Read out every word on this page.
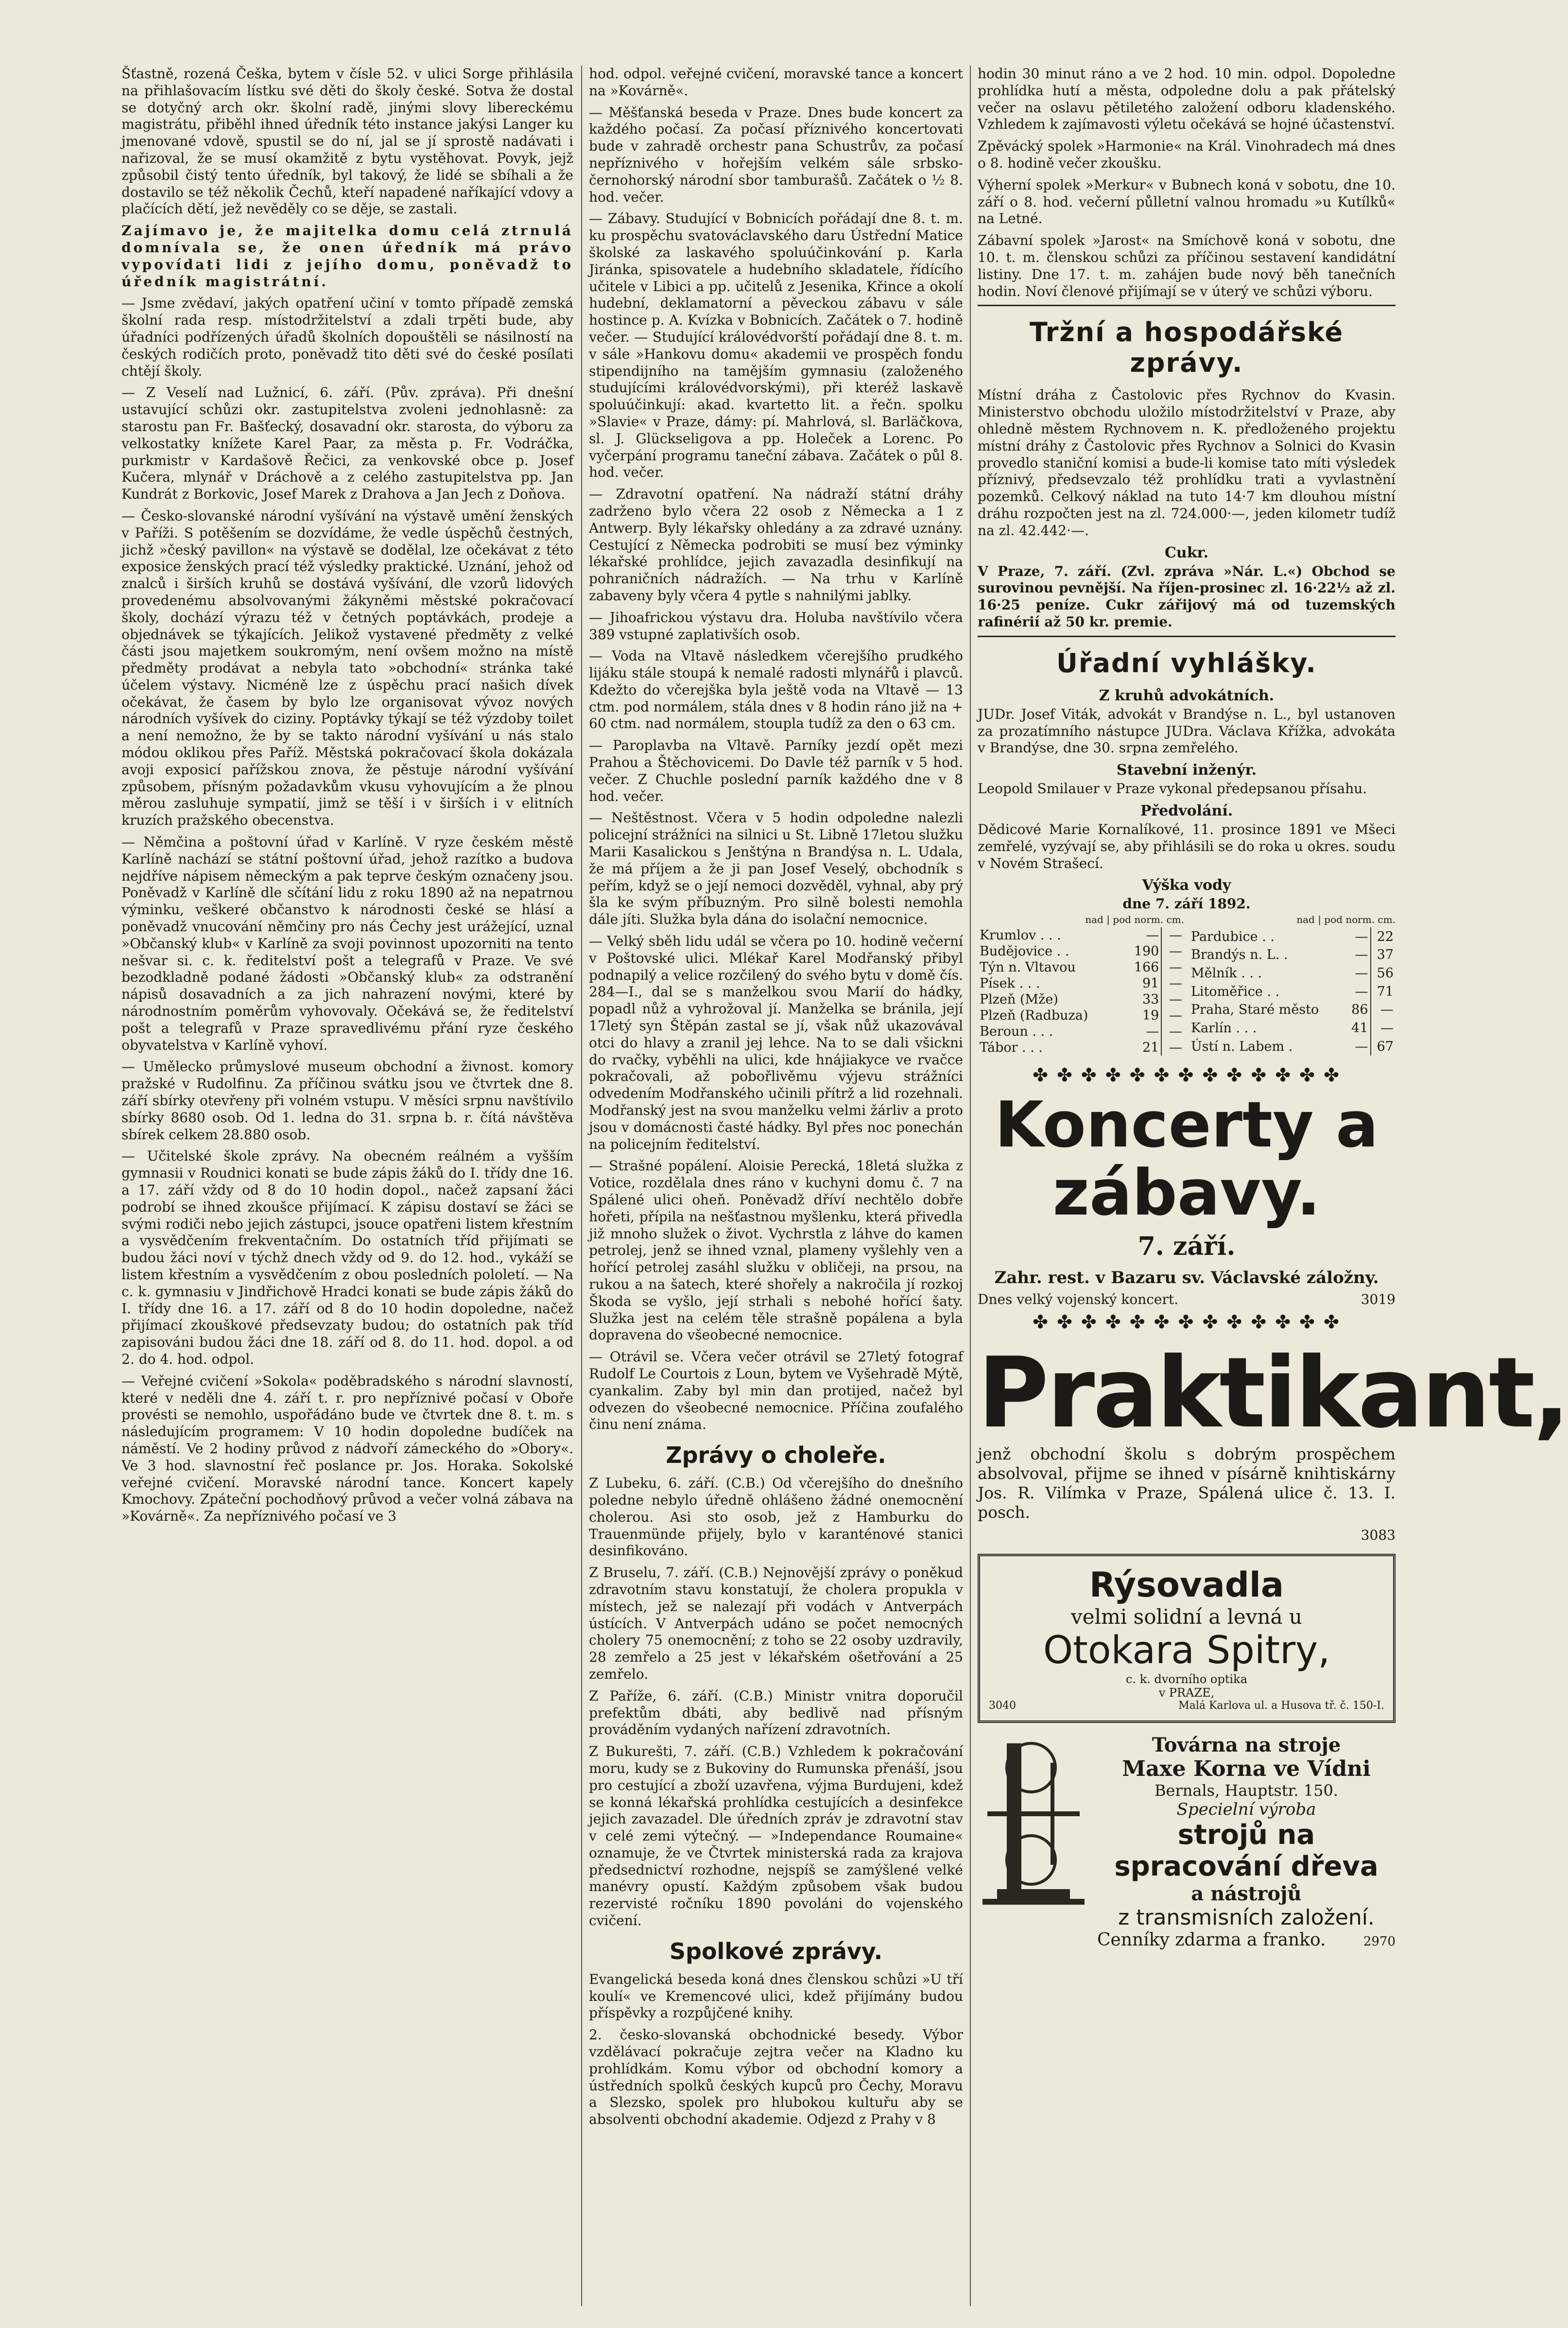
Šťastně, rozená Češka, bytem v čísle 52. v ulici Sorge přihlásila na přihlašovacím lístku své děti do školy české. Sotva že dostal se dotyčný arch okr. školní radě, jinými slovy libereckému magistrátu, přiběhl ihned úředník této instance jakýsi Langer ku jmenované vdově, spustil se do ní, jal se jí sprostě nadávati i nařizoval, že se musí okamžitě z bytu vystěhovat. Povyk, jejž způsobil čistý tento úředník, byl takový, že lidé se sbíhali a že dostavilo se též několik Čechů, kteří napadené naříkající vdovy a plačících dětí, jež nevěděly co se děje, se zastali.

Zajímavo je, že majitelka domu celá ztrnulá domnívala se, že onen úředník má právo vypovídati lidi z jejího domu, poněvadž to úředník magistrátní.

— Jsme zvědaví, jakých opatření učiní v tomto případě zemská školní rada resp. místodržitelství a zdali trpěti bude, aby úřadníci podřízených úřadů školních dopouštěli se násilností na českých rodičích proto, poněvadž tito děti své do české posílati chtějí školy.

— Z Veselí nad Lužnicí, 6. září. (Pův. zpráva). Při dnešní ustavující schůzi okr. zastupitelstva zvoleni jednohlasně: za starostu pan Fr. Bašťecký, dosavadní okr. starosta, do výboru za velkostatky knížete Karel Paar, za města p. Fr. Vodráčka, purkmistr v Kardašově Řečici, za venkovské obce p. Josef Kučera, mlynář v Dráchově a z celého zastupitelstva pp. Jan Kundrát z Borkovic, Josef Marek z Drahova a Jan Jech z Doňova.

— Česko-slovanské národní vyšívání na výstavě umění ženských v Paříži. S potěšením se dozvídáme, že vedle úspěchů čestných, jichž »český pavillon« na výstavě se dodělal, lze očekávat z této exposice ženských prací též výsledky praktické. Uznání, jehož od znalců i širších kruhů se dostává vyšívání, dle vzorů lidových provedenému absolvovanými žákyněmi městské pokračovací školy, dochází výrazu též v četných poptávkách, prodeje a objednávek se týkajících. Jelikož vystavené předměty z velké části jsou majetkem soukromým, není ovšem možno na místě předměty prodávat a nebyla tato »obchodní« stránka také účelem výstavy. Nicméně lze z úspěchu prací našich dívek očekávat, že časem by bylo lze organisovat vývoz nových národních vyšívek do ciziny. Poptávky týkají se též výzdoby toilet a není nemožno, že by se takto národní vyšívání u nás stalo módou oklikou přes Paříž. Městská pokračovací škola dokázala avoji exposicí pařížskou znova, že pěstuje národní vyšívání způsobem, přísným požadavkům vkusu vyhovujícím a že plnou měrou zasluhuje sympatií, jimž se těší i v širších i v elitních kruzích pražského obecenstva.

— Němčina a poštovní úřad v Karlíně. V ryze českém městě Karlíně nachází se státní poštovní úřad, jehož razítko a budova nejdříve nápisem německým a pak teprve českým označeny jsou. Poněvadž v Karlíně dle sčítání lidu z roku 1890 až na nepatrnou výminku, veškeré občanstvo k národnosti české se hlásí a poněvadž vnucování němčiny pro nás Čechy jest urážející, uznal »Občanský klub« v Karlíně za svoji povinnost upozorniti na tento nešvar si. c. k. ředitelství pošt a telegrafů v Praze. Ve své bezodkladně podané žádosti »Občanský klub« za odstranění nápisů dosavadních a za jich nahrazení novými, které by národnostním poměrům vyhovovaly. Očekává se, že ředitelství pošt a telegrafů v Praze spravedlivému přání ryze českého obyvatelstva v Karlíně vyhoví.

— Umělecko průmyslové museum obchodní a živnost. komory pražské v Rudolfinu. Za příčinou svátku jsou ve čtvrtek dne 8. září sbírky otevřeny při volném vstupu. V měsíci srpnu navštívilo sbírky 8680 osob. Od 1. ledna do 31. srpna b. r. čítá návštěva sbírek celkem 28.880 osob.

— Učitelské škole zprávy. Na obecném reálném a vyšším gymnasii v Roudnici konati se bude zápis žáků do I. třídy dne 16. a 17. září vždy od 8 do 10 hodin dopol., načež zapsaní žáci podrobí se ihned zkoušce přijímací. K zápisu dostaví se žáci se svými rodiči nebo jejich zástupci, jsouce opatřeni listem křestním a vysvědčením frekventačním. Do ostatních tříd přijímati se budou žáci noví v týchž dnech vždy od 9. do 12. hod., vykáží se listem křestním a vysvědčením z obou posledních pololetí. — Na c. k. gymnasiu v Jindřichově Hradci konati se bude zápis žáků do I. třídy dne 16. a 17. září od 8 do 10 hodin dopoledne, načež přijímací zkouškové předsevzaty budou; do ostatních pak tříd zapisováni budou žáci dne 18. září od 8. do 11. hod. dopol. a od 2. do 4. hod. odpol.

— Veřejné cvičení »Sokola« poděbradského s národní slavností, které v neděli dne 4. září t. r. pro nepříznivé počasí v Oboře provésti se nemohlo, uspořádáno bude ve čtvrtek dne 8. t. m. s následujícím programem: V 10 hodin dopoledne budíček na náměstí. Ve 2 hodiny průvod z nádvoří zámeckého do »Obory«. Ve 3 hod. slavnostní řeč poslance pr. Jos. Horaka. Sokolské veřejné cvičení. Moravské národní tance. Koncert kapely Kmochovy. Zpáteční pochodňový průvod a večer volná zábava na »Kovárně«. Za nepříznivého počasí ve 3

hod. odpol. veřejné cvičení, moravské tance a koncert na »Kovárně«.

— Měšťanská beseda v Praze. Dnes bude koncert za každého počasí. Za počasí příznivého koncertovati bude v zahradě orchestr pana Schustrův, za počasí nepříznivého v hořejším velkém sále srbsko-černohorský národní sbor tamburašů. Začátek o ½ 8. hod. večer.

— Zábavy. Studující v Bobnicích pořádají dne 8. t. m. ku prospěchu svatováclavského daru Ústřední Matice školské za laskavého spoluúčinkování p. Karla Jiránka, spisovatele a hudebního skladatele, řídícího učitele v Libici a pp. učitelů z Jesenika, Křince a okolí hudební, deklamatorní a pěveckou zábavu v sále hostince p. A. Kvízka v Bobnicích. Začátek o 7. hodině večer. — Studující královédvorští pořádají dne 8. t. m. v sále »Hankovu domu« akademii ve prospěch fondu stipendijního na tamějším gymnasiu (založeného studujícími královédvorskými), při kteréž laskavě spoluúčinkují: akad. kvartetto lit. a řečn. spolku »Slavie« v Praze, dámy: pí. Mahrlová, sl. Barläčkova, sl. J. Glückseligova a pp. Holeček a Lorenc. Po vyčerpání programu taneční zábava. Začátek o půl 8. hod. večer.

— Zdravotní opatření. Na nádraží státní dráhy zadrženo bylo včera 22 osob z Německa a 1 z Antwerp. Byly lékařsky ohledány a za zdravé uznány. Cestující z Německa podrobiti se musí bez výminky lékařské prohlídce, jejich zavazadla desinfikují na pohraničních nádražích. — Na trhu v Karlíně zabaveny byly včera 4 pytle s nahnilými jablky.

— Jihoafrickou výstavu dra. Holuba navštívilo včera 389 vstupné zaplativších osob.

— Voda na Vltavě následkem včerejšího prudkého lijáku stále stoupá k nemalé radosti mlynářů i plavců. Kdežto do včerejška byla ještě voda na Vltavě — 13 ctm. pod normálem, stála dnes v 8 hodin ráno již na + 60 ctm. nad normálem, stoupla tudíž za den o 63 cm.

— Paroplavba na Vltavě. Parníky jezdí opět mezi Prahou a Štěchovicemi. Do Davle též parník v 5 hod. večer. Z Chuchle poslední parník každého dne v 8 hod. večer.

— Neštěstnost. Včera v 5 hodin odpoledne nalezli policejní strážníci na silnici u St. Libně 17letou služku Marii Kasalickou s Jenštýna n Brandýsa n. L. Udala, že má příjem a že ji pan Josef Veselý, obchodník s peřím, když se o její nemoci dozvěděl, vyhnal, aby prý šla ke svým příbuzným. Pro silně bolesti nemohla dále jíti. Služka byla dána do isolační nemocnice.

— Velký sběh lidu udál se včera po 10. hodině večerní v Poštovské ulici. Mlékař Karel Modřanský přibyl podnapilý a velice rozčilený do svého bytu v domě čís. 284—I., dal se s manželkou svou Marií do hádky, popadl nůž a vyhrožoval jí. Manželka se bránila, její 17letý syn Štěpán zastal se jí, však nůž ukazovával otci do hlavy a zranil jej lehce. Na to se dali všickni do rvačky, vyběhli na ulici, kde hnájiakyce ve rvačce pokračovali, až pobořlivěmu výjevu strážníci odvedením Modřanského učinili přítrž a lid rozehnali. Modřanský jest na svou manželku velmi žárliv a proto jsou v domácnosti časté hádky. Byl přes noc ponechán na policejním ředitelství.

— Strašné popálení. Aloisie Perecká, 18letá služka z Votice, rozdělala dnes ráno v kuchyni domu č. 7 na Spálené ulici oheň. Poněvadž dříví nechtělo dobře hořeti, přípila na nešťastnou myšlenku, která přivedla již mnoho služek o život. Vychrstla z láhve do kamen petrolej, jenž se ihned vznal, plameny vyšlehly ven a hořící petrolej zasáhl služku v obličeji, na prsou, na rukou a na šatech, které shořely a nakročila jí rozkoj Škoda se vyšlo, její strhali s nebohé hořící šaty. Služka jest na celém těle strašně popálena a byla dopravena do všeobecné nemocnice.

— Otrávil se. Včera večer otrávil se 27letý fotograf Rudolf Le Courtois z Loun, bytem ve Vyšehradě Mýtě, cyankalim. Zaby byl min dan protijed, načež byl odvezen do všeobecné nemocnice. Příčina zoufalého činu není známa.

Zprávy o choleře.

Z Lubeku, 6. září. (C.B.) Od včerejšího do dnešního poledne nebylo úředně ohlášeno žádné onemocnění cholerou. Asi sto osob, jež z Hamburku do Trauenmünde přijely, bylo v karanténové stanici desinfikováno.

Z Bruselu, 7. září. (C.B.) Nejnovější zprávy o poněkud zdravotním stavu konstatují, že cholera propukla v místech, jež se nalezají při vodách v Antverpách ústících. V Antverpách udáno se počet nemocných cholery 75 onemocnění; z toho se 22 osoby uzdravily, 28 zemřelo a 25 jest v lékařském ošetřování a 25 zemřelo.

Z Paříže, 6. září. (C.B.) Ministr vnitra doporučil prefektům dbáti, aby bedlivě nad přísným prováděním vydaných nařízení zdravotních.

Z Bukurešti, 7. září. (C.B.) Vzhledem k pokračování moru, kudy se z Bukoviny do Rumunska přenáší, jsou pro cestující a zboží uzavřena, výjma Burdujeni, kdež se konná lékařská prohlídka cestujících a desinfekce jejich zavazadel. Dle úředních zpráv je zdravotní stav v celé zemi výtečný. — »Independance Roumaine« oznamuje, že ve Čtvrtek ministerská rada za krajova předsednictví rozhodne, nejspíš se zamýšlené velké manévry opustí. Každým způsobem však budou rezervisté ročníku 1890 povoláni do vojenského cvičení.

Spolkové zprávy.

Evangelická beseda koná dnes členskou schůzi »U tří koulí« ve Kremencové ulici, kdež přijímány budou příspěvky a rozpůjčené knihy.

2. česko-slovanská obchodnické besedy. Výbor vzdělávací pokračuje zejtra večer na Kladno ku prohlídkám. Komu výbor od obchodní komory a ústředních spolků českých kupců pro Čechy, Moravu a Slezsko, spolek pro hlubokou kultuřu aby se absolventi obchodní akademie. Odjezd z Prahy v 8

hodin 30 minut ráno a ve 2 hod. 10 min. odpol. Dopoledne prohlídka hutí a města, odpoledne dolu a pak přátelský večer na oslavu pětiletého založení odboru kladenského. Vzhledem k zajímavosti výletu očekává se hojné účastenství.

Zpěvácký spolek »Harmonie« na Král. Vinohradech má dnes o 8. hodině večer zkoušku.

Výherní spolek »Merkur« v Bubnech koná v sobotu, dne 10. září o 8. hod. večerní půlletní valnou hromadu »u Kutílků« na Letné.

Zábavní spolek »Jarost« na Smíchově koná v sobotu, dne 10. t. m. členskou schůzi za příčinou sestavení kandidátní listiny. Dne 17. t. m. zahájen bude nový běh tanečních hodin. Noví členové přijímají se v úterý ve schůzi výboru.

Tržní a hospodářské zprávy.

Místní dráha z Častolovic přes Rychnov do Kvasin. Ministerstvo obchodu uložilo místodržitelství v Praze, aby ohledně městem Rychnovem n. K. předloženého projektu místní dráhy z Častolovic přes Rychnov a Solnici do Kvasin provedlo staniční komisi a bude-li komise tato míti výsledek příznivý, předsevzalo též prohlídku trati a vyvlastnění pozemků. Celkový náklad na tuto 14·7 km dlouhou místní dráhu rozpočten jest na zl. 724.000·—, jeden kilometr tudíž na zl. 42.442·—.

Cukr.

V Praze, 7. září. (Zvl. zpráva »Nár. L.«) Obchod se surovinou pevnější. Na říjen-prosinec zl. 16·22½ až zl. 16·25 peníze. Cukr zářijový má od tuzemských rafinérií až 50 kr. premie.

Úřadní vyhlášky.
Z kruhů advokátních.

JUDr. Josef Viták, advokát v Brandýse n. L., byl ustanoven za prozatímního nástupce JUDra. Václava Křížka, advokáta v Brandýse, dne 30. srpna zemřelého.

Stavební inženýr.

Leopold Smilauer v Praze vykonal předepsanou přísahu.

Předvolání.

Dědicové Marie Kornalíkové, 11. prosince 1891 ve Mšeci zemřelé, vyzývají se, aby přihlásili se do roka u okres. soudu v Novém Strašecí.

Výška vody
dne 7. září 1892.
nad | pod norm. cm.	nad | pod norm. cm.
Krumlov . . .	—	—
Budějovice . .	190	—
Týn n. Vltavou	166	—
Písek . . .	91	—
Plzeň (Mže)	33	—
Plzeň (Radbuza)	19	—
Beroun . . .	—	—
Tábor . . .	21	—
Pardubice . .	—	22
Brandýs n. L. .	—	37
Mělník . . .	—	56
Litoměřice . .	—	71
Praha, Staré město	86	—
Karlín . . .	41	—
Ústí n. Labem .	—	67
✤ ✤ ✤ ✤ ✤ ✤ ✤ ✤ ✤ ✤ ✤ ✤ ✤
Koncerty a zábavy.
7. září.
Zahr. rest. v Bazaru sv. Václavské záložny.
Dnes velký vojenský koncert.	3019
✤ ✤ ✤ ✤ ✤ ✤ ✤ ✤ ✤ ✤ ✤ ✤ ✤
Praktikant,

jenž obchodní školu s dobrým prospěchem absolvoval, přijme se ihned v písárně knihtiskárny Jos. R. Vilímka v Praze, Spálená ulice č. 13. I. posch.

3083
Rýsovadla
velmi solidní a levná u
Otokara Spitry,
c. k. dvorního optika
v PRAZE,
3040	Malá Karlova ul. a Husova tř. č. 150-I.
Továrna na stroje
Maxe Korna ve Vídni
Bernals, Hauptstr. 150.
Specielní výroba
strojů na spracování dřeva
a nástrojů
z transmisních založení.
Cenníky zdarma a franko.	2970
